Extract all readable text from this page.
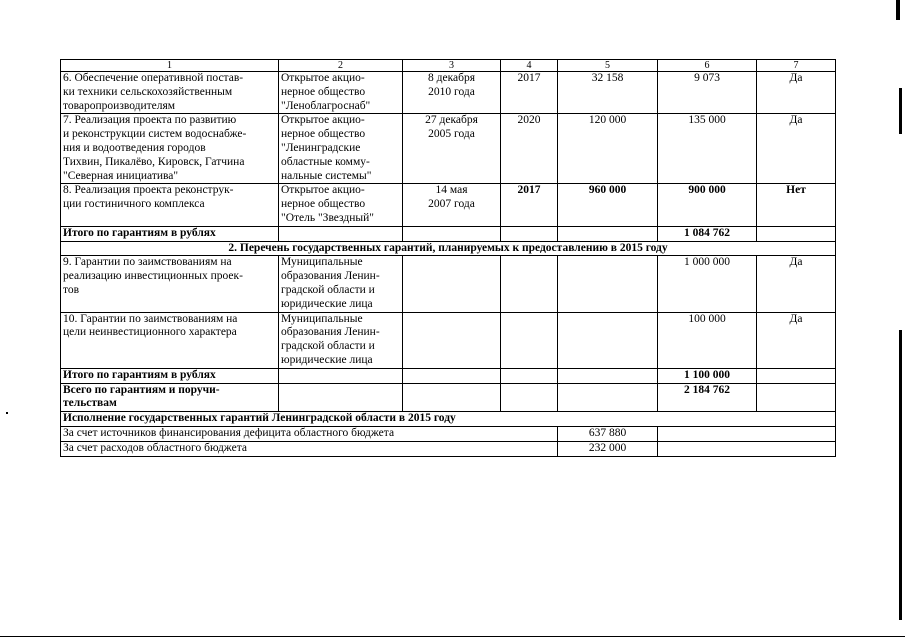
1	2	3	4	5	6	7
6. Обеспечение оперативной постав-
ки техники сельскохозяйственным
товаропроизводителям	Открытое акцио-
нерное общество
"Леноблагроснаб"	8 декабря
2010 года	2017	32 158	9 073	Да
7. Реализация проекта по развитию
и реконструкции систем водоснабже-
ния и водоотведения городов
Тихвин, Пикалёво, Кировск, Гатчина
"Северная инициатива"	Открытое акцио-
нерное общество
"Ленинградские
областные комму-
нальные системы"	27 декабря
2005 года	2020	120 000	135 000	Да
8. Реализация проекта реконструк-
ции гостиничного комплекса	Открытое акцио-
нерное общество
"Отель "Звездный"	14 мая
2007 года	2017	960 000	900 000	Нет
Итого по гарантиям в рублях					1 084 762	
2. Перечень государственных гарантий, планируемых к предоставлению в 2015 году						
9. Гарантии по заимствованиям на
реализацию инвестиционных проек-
тов	Муниципальные
образования Ленин-
градской области и
юридические лица				1 000 000	Да
10. Гарантии по заимствованиям на
цели неинвестиционного характера	Муниципальные
образования Ленин-
градской области и
юридические лица				100 000	Да
Итого по гарантиям в рублях					1 100 000	
Всего по гарантиям и поручи-
тельствам					2 184 762	
Исполнение государственных гарантий Ленинградской области в 2015 году						
За счет источников финансирования дефицита областного бюджета				637 880		
За счет расходов областного бюджета				232 000		
